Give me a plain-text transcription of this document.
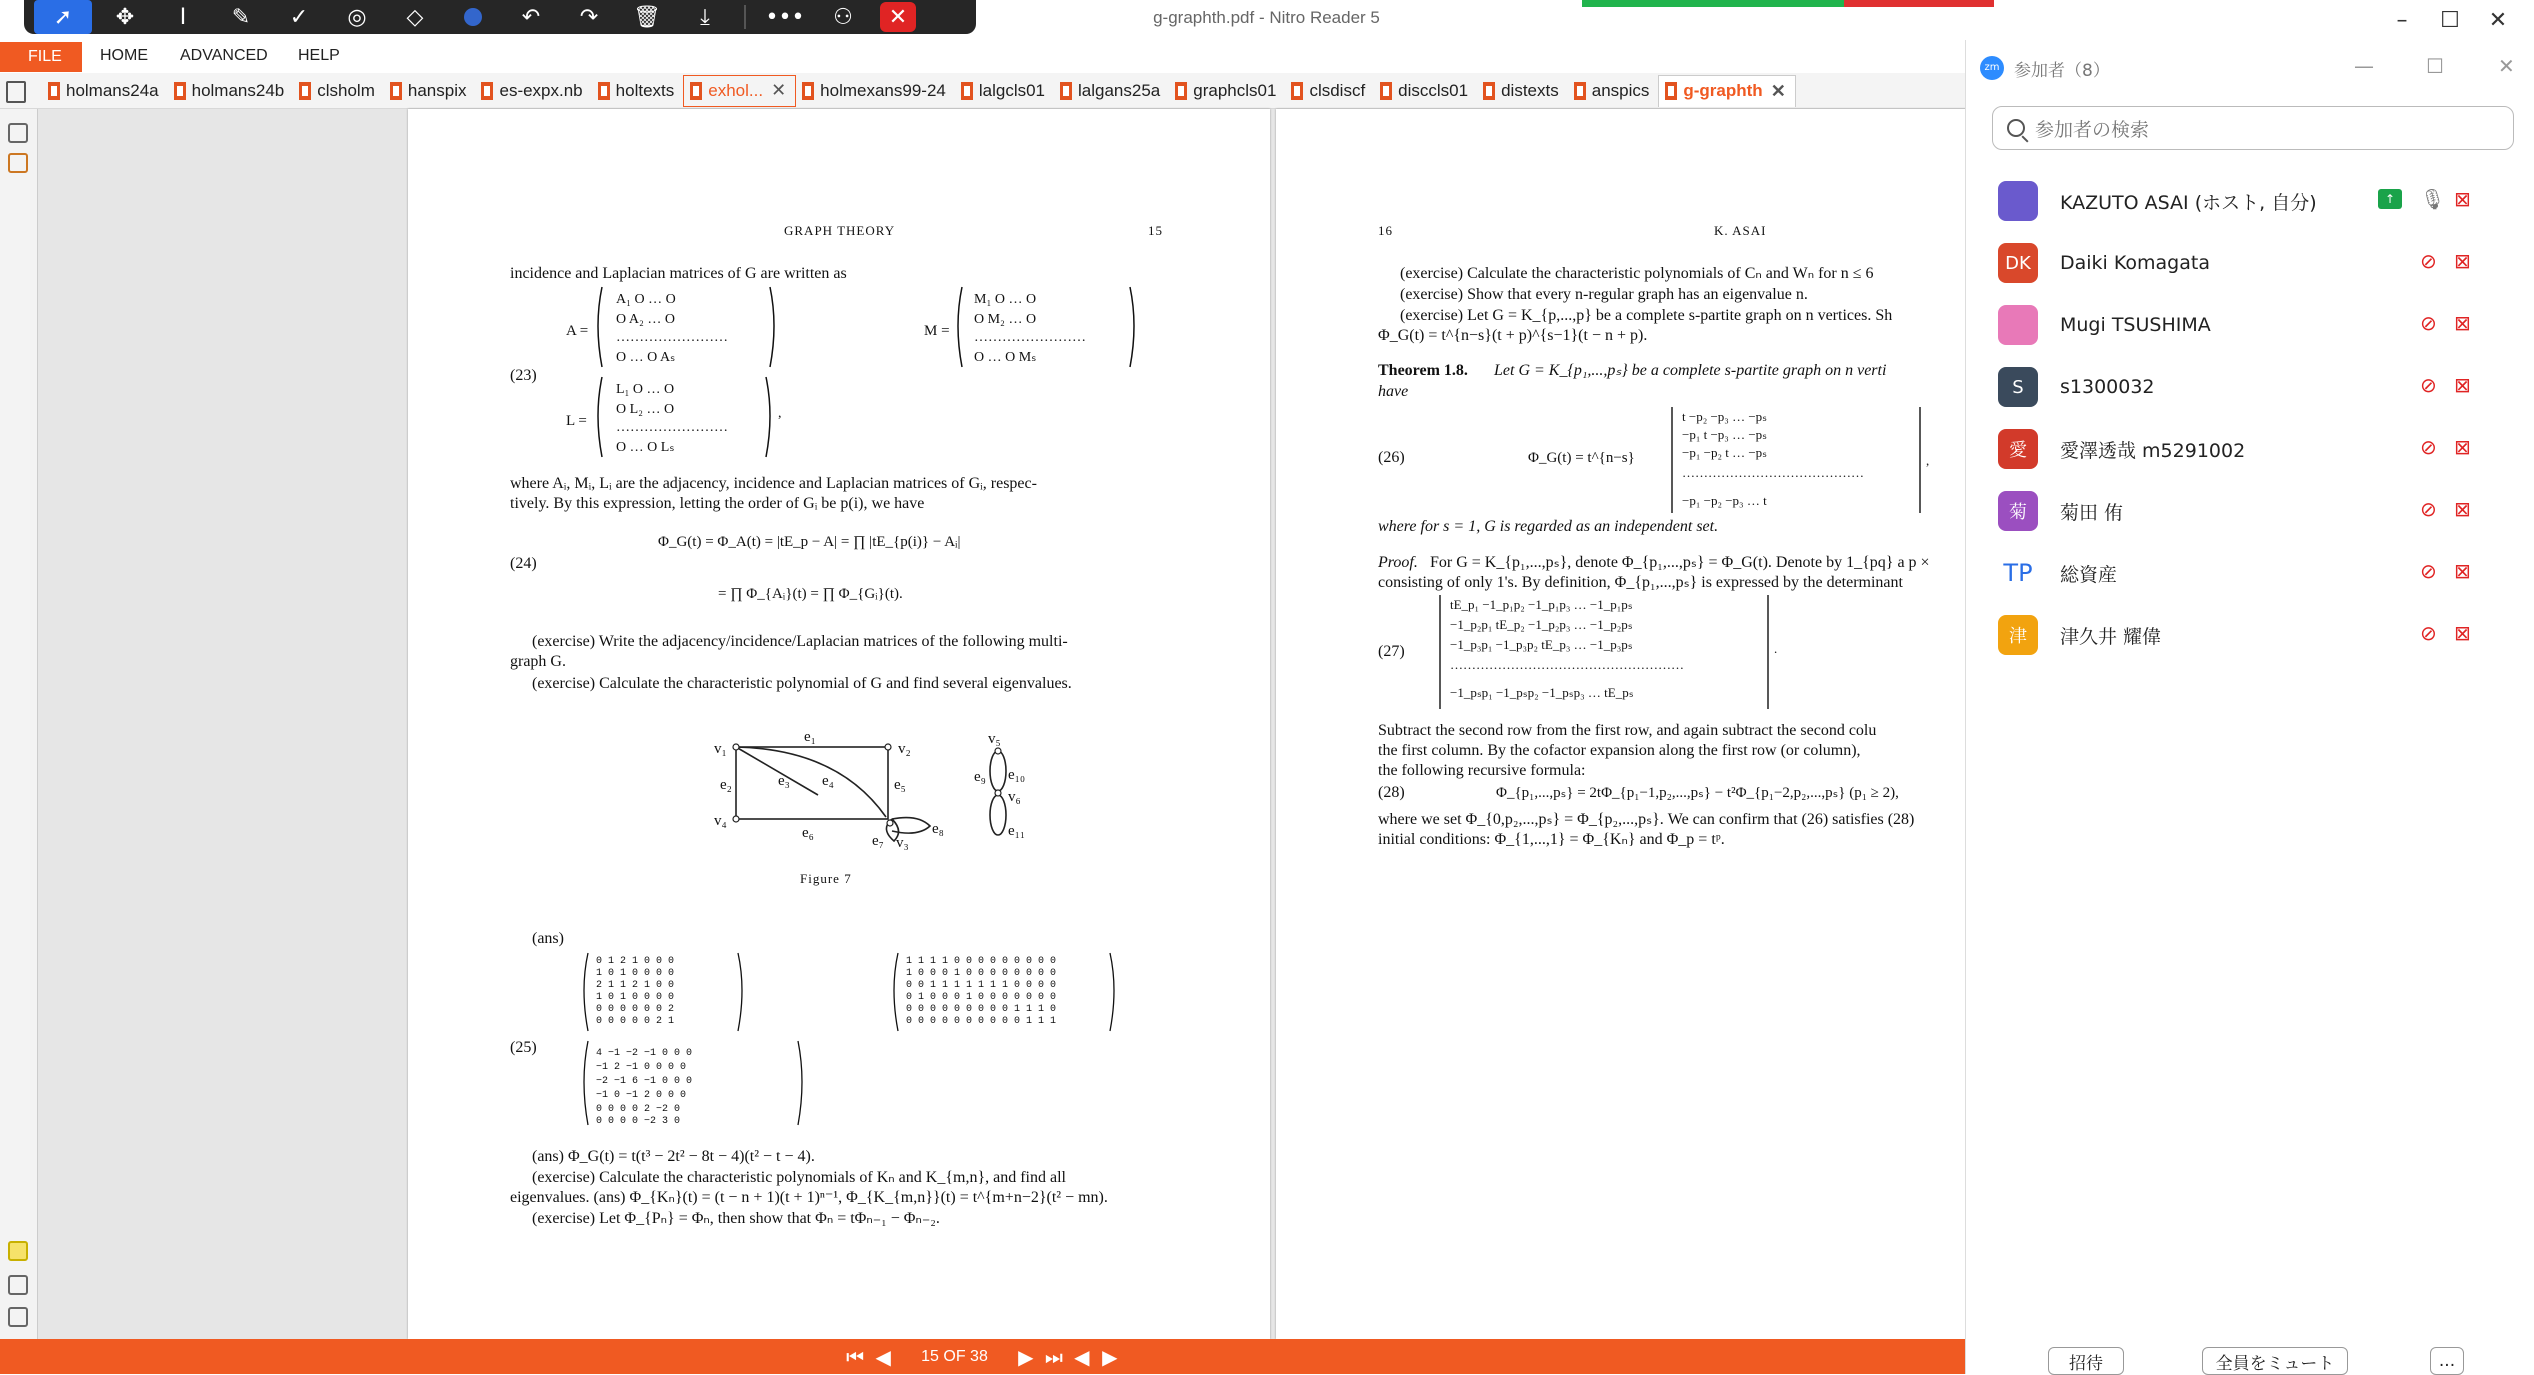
g-graphth.pdf - Nitro Reader 5	–	☐	✕
HOME ADVANCED HELP
FILE
➚	✥	I	✎	✓	◎	◇	↶	↷	🗑	⤓	•••	⚇	✕
holmans24a holmans24b clsholm hanspix es-expx.nb holtexts exhol... ✕ holmexans99-24 lalgcls01 lalgans25a graphcls01 clsdiscf disccls01 distexts anspics g-graphth ✕
GRAPH THEORY	15
incidence and Laplacian matrices of G are written as
(23)
A =	M =
L =
A₁ O … O
O A₂ … O
……………………
O … O Aₛ
M₁ O … O
O M₂ … O
……………………
O … O Mₛ
L₁ O … O
O L₂ … O
……………………
O … O Lₛ
,
where Aᵢ, Mᵢ, Lᵢ are the adjacency, incidence and Laplacian matrices of Gᵢ, respec-
tively. By this expression, letting the order of Gᵢ be p(i), we have
(24)
Φ_G(t) = Φ_A(t) = |tE_p − A| = ∏ |tE_{p(i)} − Aᵢ|
= ∏ Φ_{Aᵢ}(t) = ∏ Φ_{Gᵢ}(t).
(exercise) Write the adjacency/incidence/Laplacian matrices of the following multi-
graph G.
(exercise) Calculate the characteristic polynomial of G and find several eigenvalues.
v₁	v₂
v₄
v₃
v₅
v₆
e₁
e₂	e₃ e₄	e₅
e₆	e₇
e₈
e₉ e₁₀
e₁₁
Figure 7
(ans)
(25)
0 1 2 1 0 0 0
1 0 1 0 0 0 0
2 1 1 2 1 0 0
1 0 1 0 0 0 0
0 0 0 0 0 0 2
0 0 0 0 0 2 1
1 1 1 1 0 0 0 0 0 0 0 0 0
1 0 0 0 1 0 0 0 0 0 0 0 0
0 0 1 1 1 1 1 1 1 0 0 0 0
0 1 0 0 0 1 0 0 0 0 0 0 0
0 0 0 0 0 0 0 0 0 1 1 1 0
0 0 0 0 0 0 0 0 0 0 1 1 1
4 −1 −2 −1 0 0 0
−1 2 −1 0 0 0 0
−2 −1 6 −1 0 0 0
−1 0 −1 2 0 0 0
0 0 0 0 2 −2 0
0 0 0 0 −2 3 0
(ans) Φ_G(t) = t(t³ − 2t² − 8t − 4)(t² − t − 4).
(exercise) Calculate the characteristic polynomials of Kₙ and K_{m,n}, and find all
eigenvalues. (ans) Φ_{Kₙ}(t) = (t − n + 1)(t + 1)ⁿ⁻¹, Φ_{K_{m,n}}(t) = t^{m+n−2}(t² − mn).
(exercise) Let Φ_{Pₙ} = Φₙ, then show that Φₙ = tΦₙ₋₁ − Φₙ₋₂.
16	K. ASAI
(exercise) Calculate the characteristic polynomials of Cₙ and Wₙ for n ≤ 6
(exercise) Show that every n-regular graph has an eigenvalue n.
(exercise) Let G = K_{p,...,p} be a complete s-partite graph on n vertices. Sh
Φ_G(t) = t^{n−s}(t + p)^{s−1}(t − n + p).
Theorem 1.8. Let G = K_{p₁,...,pₛ} be a complete s-partite graph on n verti
have
(26)	Φ_G(t) = t^{n−s}
t −p₂ −p₃ … −pₛ
−p₁ t −p₃ … −pₛ
−p₁ −p₂ t … −pₛ
……………………………………
−p₁ −p₂ −p₃ … t
,
where for s = 1, G is regarded as an independent set.
Proof. For G = K_{p₁,...,pₛ}, denote Φ_{p₁,...,pₛ} = Φ_G(t). Denote by 1_{pq} a p ×
consisting of only 1's. By definition, Φ_{p₁,...,pₛ} is expressed by the determinant
(27)
tE_p₁ −1_p₁p₂ −1_p₁p₃ … −1_p₁pₛ
−1_p₂p₁ tE_p₂ −1_p₂p₃ … −1_p₂pₛ
−1_p₃p₁ −1_p₃p₂ tE_p₃ … −1_p₃pₛ
………………………………………………
−1_pₛp₁ −1_pₛp₂ −1_pₛp₃ … tE_pₛ
.
Subtract the second row from the first row, and again subtract the second colu
the first column. By the cofactor expansion along the first row (or column),
the following recursive formula:
(28)	Φ_{p₁,...,pₛ} = 2tΦ_{p₁−1,p₂,...,pₛ} − t²Φ_{p₁−2,p₂,...,pₛ} (p₁ ≥ 2),
where we set Φ_{0,p₂,...,pₛ} = Φ_{p₂,...,pₛ}. We can confirm that (26) satisfies (28)
initial conditions: Φ_{1,...,1} = Φ_{Kₙ} and Φ_p = tᵖ.
⏮ ◀	15 OF 38	▶ ⏭ ◀ ▶
zm 参加者（8）	—	☐	✕
参加者の検索
KAZUTO ASAI (ホスト, 自分)	↑	🎙 ⊠
DK	Daiki Komagata	⊘ ⊠
Mugi TSUSHIMA	⊘ ⊠
S	s1300032	⊘ ⊠
愛	愛澤透哉 m5291002	⊘ ⊠
菊	菊田 侑	⊘ ⊠
TP 総資産	⊘ ⊠
津	津久井 耀偉	⊘ ⊠
招待	全員をミュート	...
